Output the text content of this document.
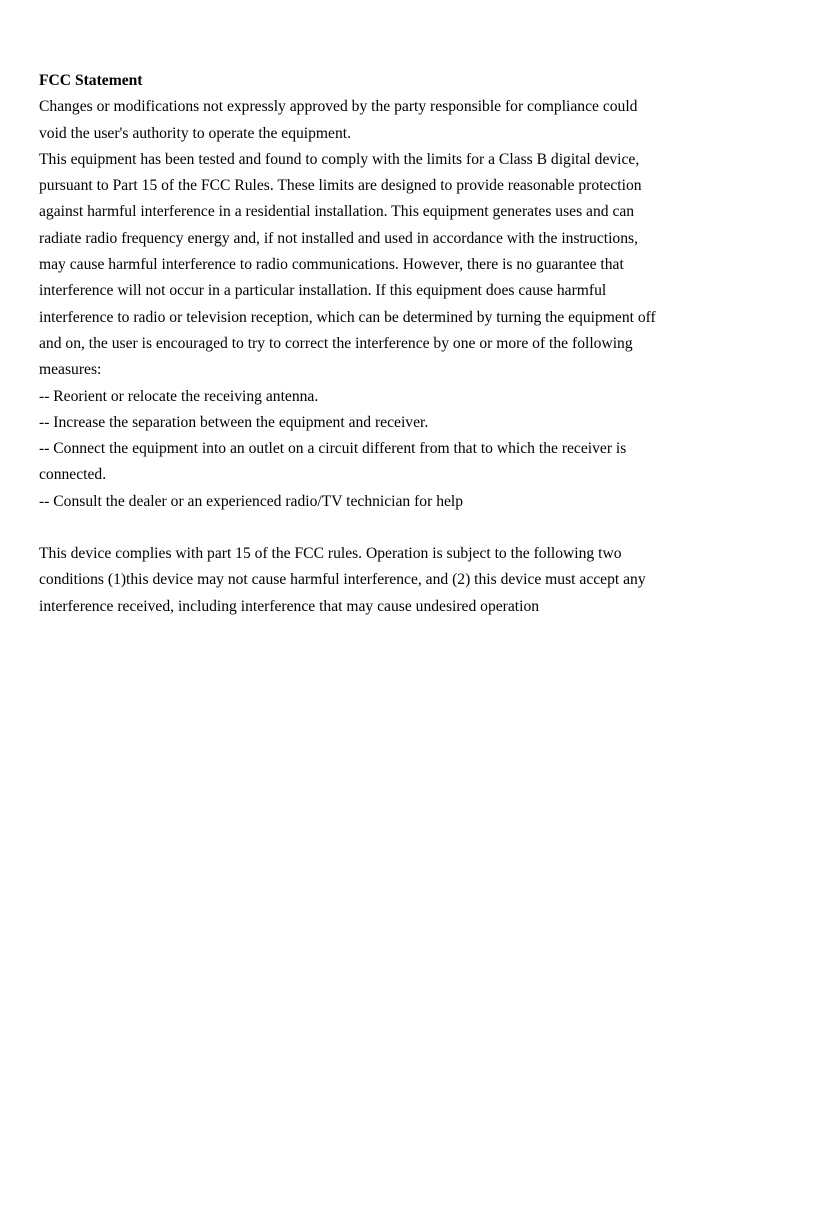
FCC Statement

Changes or modifications not expressly approved by the party responsible for compliance could

void the user's authority to operate the equipment.

This equipment has been tested and found to comply with the limits for a Class B digital device,

pursuant to Part 15 of the FCC Rules. These limits are designed to provide reasonable protection

against harmful interference in a residential installation. This equipment generates uses and can

radiate radio frequency energy and, if not installed and used in accordance with the instructions,

may cause harmful interference to radio communications. However, there is no guarantee that

interference will not occur in a particular installation. If this equipment does cause harmful

interference to radio or television reception, which can be determined by turning the equipment off

and on, the user is encouraged to try to correct the interference by one or more of the following

measures:

-- Reorient or relocate the receiving antenna.

-- Increase the separation between the equipment and receiver.

-- Connect the equipment into an outlet on a circuit different from that to which the receiver is

connected.

-- Consult the dealer or an experienced radio/TV technician for help

This device complies with part 15 of the FCC rules. Operation is subject to the following two

conditions (1)this device may not cause harmful interference, and (2) this device must accept any

interference received, including interference that may cause undesired operation
